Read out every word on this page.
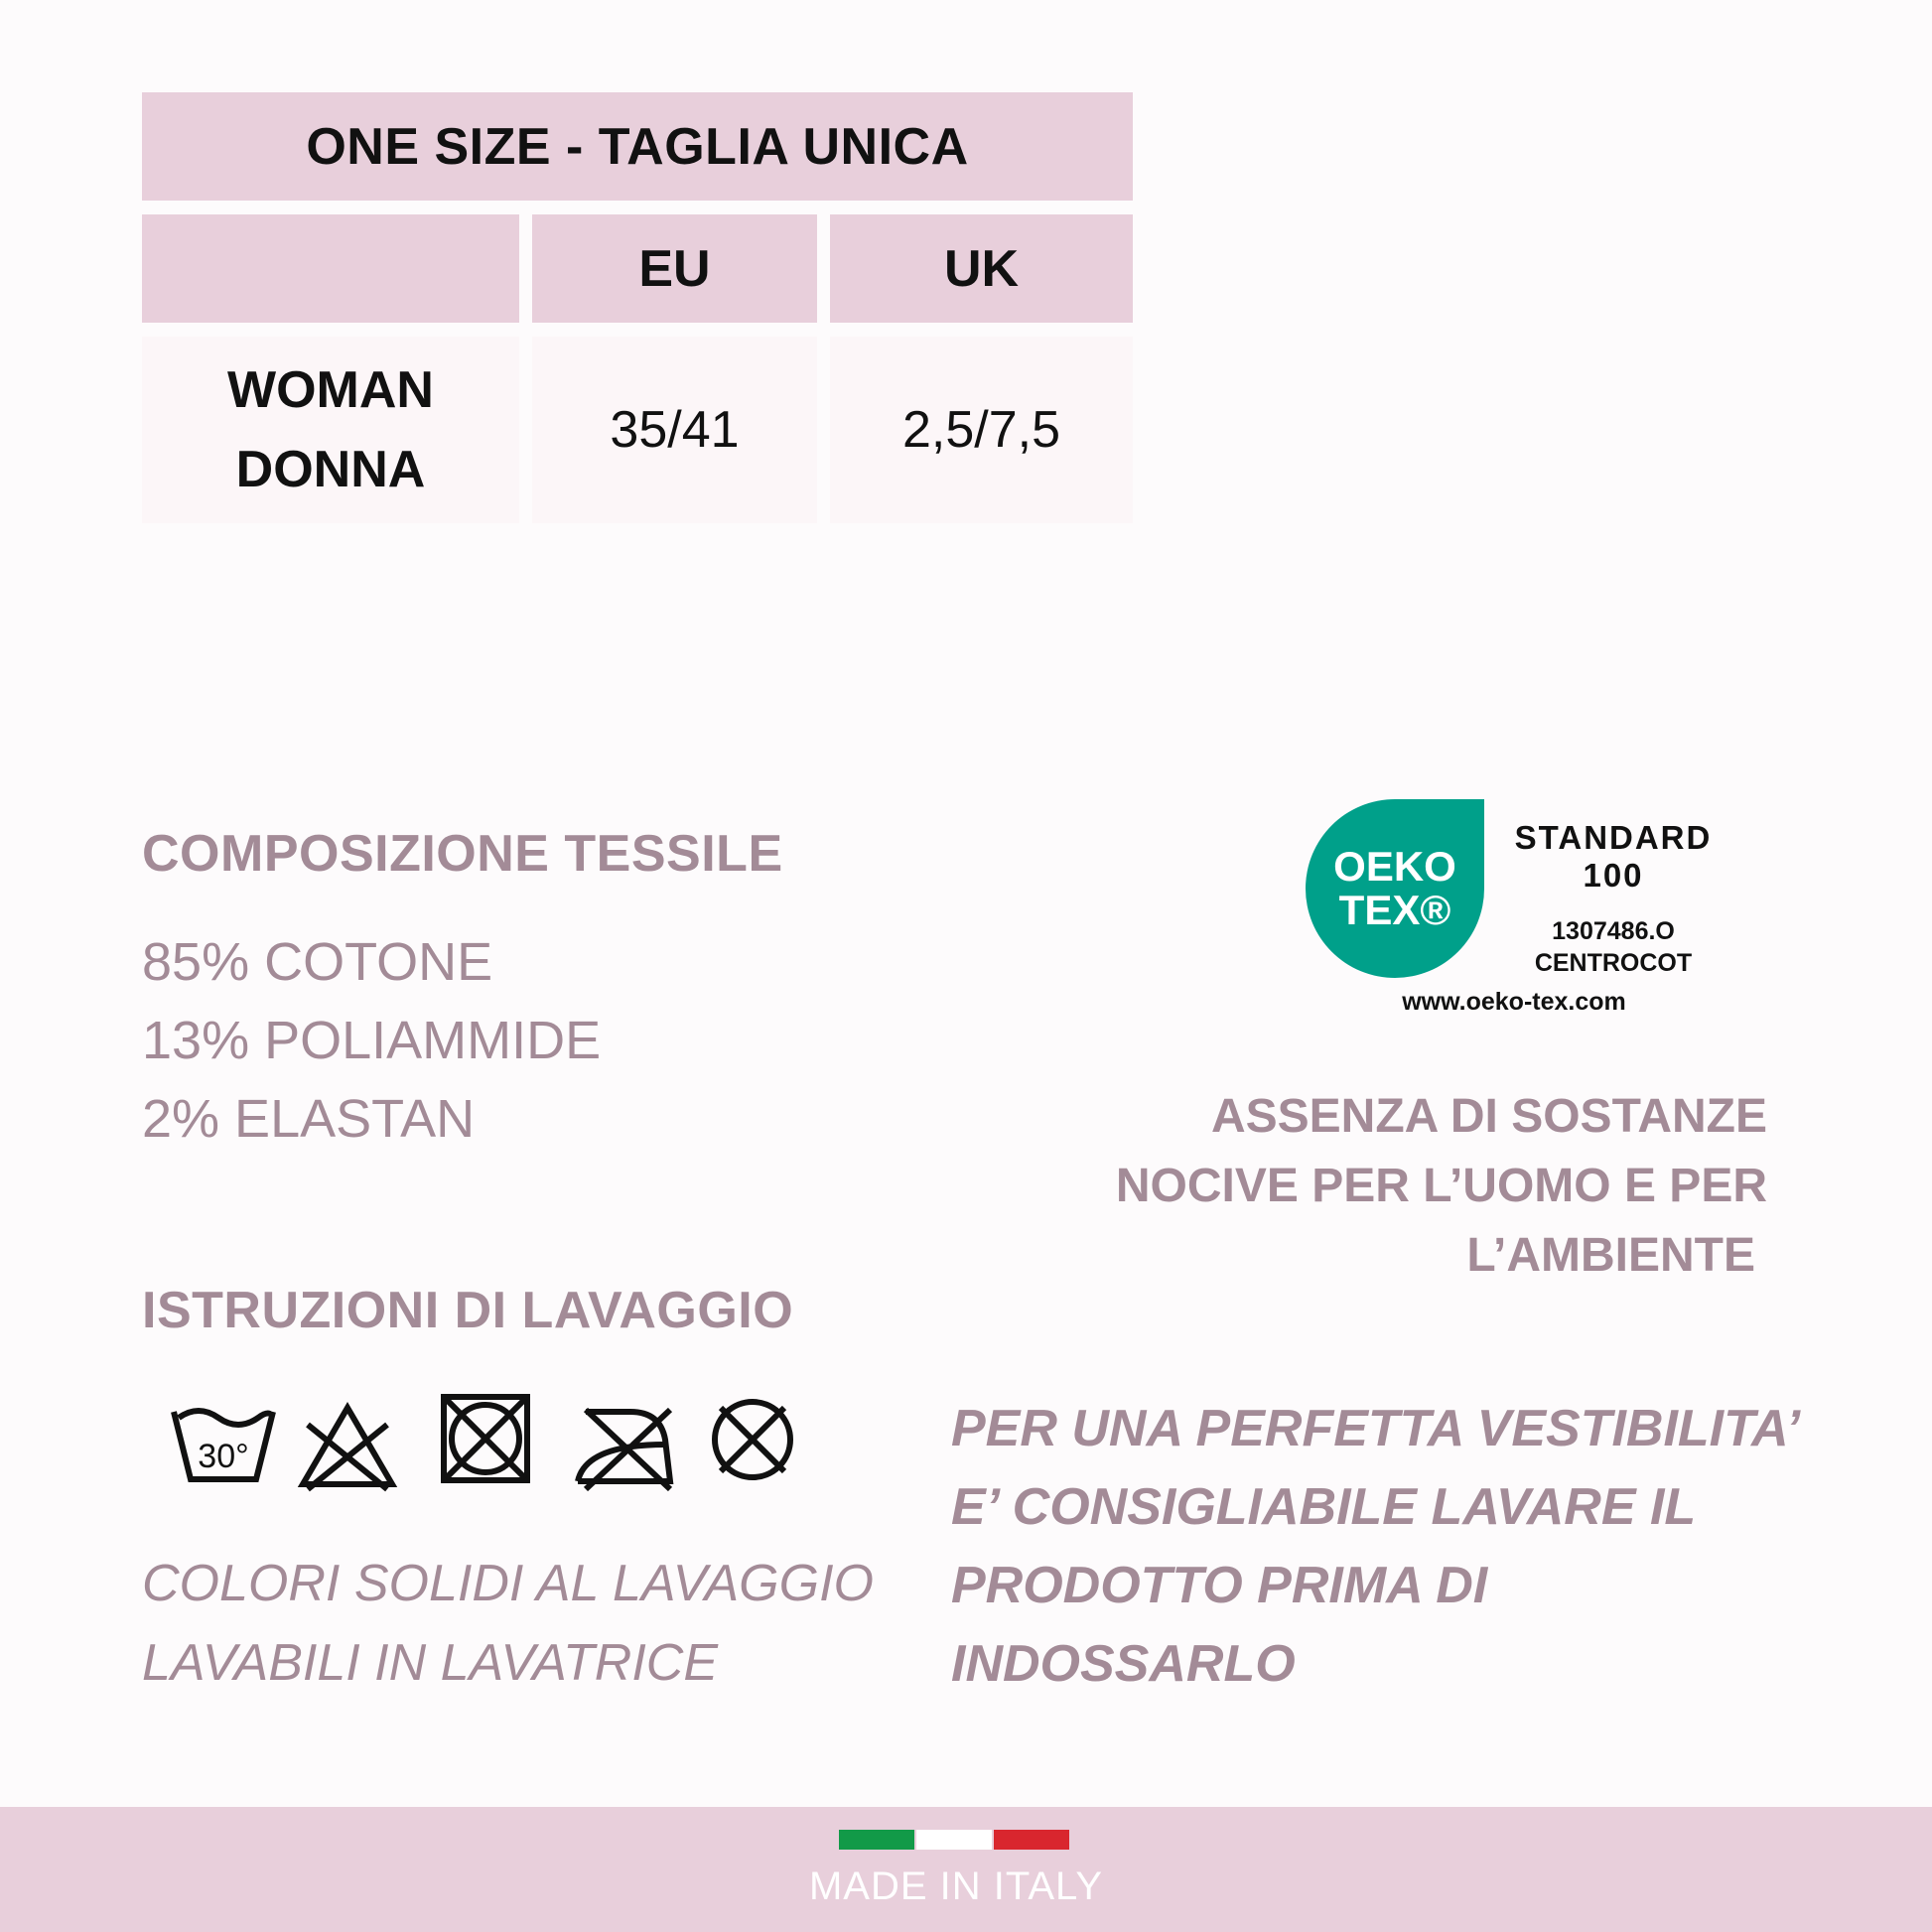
ONE SIZE - TAGLIA UNICA
EU	UK
WOMAN
DONNA
35/41	2,5/7,5
COMPOSIZIONE TESSILE
85% COTONE
13% POLIAMMIDE
2% ELASTAN
ISTRUZIONI DI LAVAGGIO
30°
COLORI SOLIDI AL LAVAGGIO
LAVABILI IN LAVATRICE
OEKO
TEX®
STANDARD
100
1307486.O
CENTROCOT
www.oeko-tex.com
ASSENZA DI SOSTANZE
NOCIVE PER L’UOMO E PER
L’AMBIENTE
PER UNA PERFETTA VESTIBILITA’
E’ CONSIGLIABILE LAVARE IL
PRODOTTO PRIMA DI INDOSSARLO
MADE IN ITALY
